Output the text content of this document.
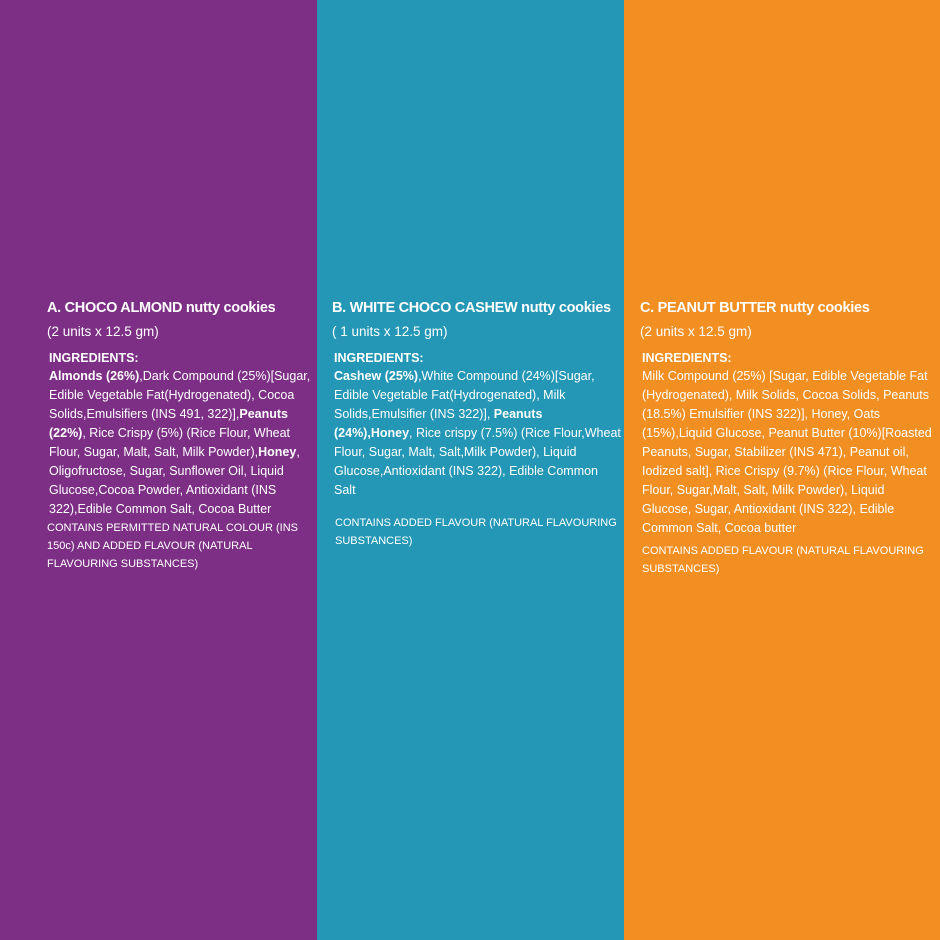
A. CHOCO ALMOND nutty cookies
(2 units x 12.5 gm)
INGREDIENTS:
Almonds (26%),Dark Compound (25%)[Sugar, Edible Vegetable Fat(Hydrogenated), Cocoa Solids,Emulsifiers (INS 491, 322)],Peanuts (22%), Rice Crispy (5%) (Rice Flour, Wheat Flour, Sugar, Malt, Salt, Milk Powder),Honey, Oligofructose, Sugar, Sunflower Oil, Liquid Glucose,Cocoa Powder, Antioxidant (INS 322),Edible Common Salt, Cocoa Butter
CONTAINS PERMITTED NATURAL COLOUR (INS 150c) AND ADDED FLAVOUR (NATURAL FLAVOURING SUBSTANCES)
B. WHITE CHOCO CASHEW nutty cookies
( 1 units x 12.5 gm)
INGREDIENTS:
Cashew (25%),White Compound (24%)[Sugar, Edible Vegetable Fat(Hydrogenated), Milk Solids,Emulsifier (INS 322)], Peanuts (24%),Honey, Rice crispy (7.5%) (Rice Flour,Wheat Flour, Sugar, Malt, Salt,Milk Powder), Liquid Glucose,Antioxidant (INS 322), Edible Common Salt
CONTAINS ADDED FLAVOUR (NATURAL FLAVOURING SUBSTANCES)
C. PEANUT BUTTER nutty cookies
(2 units x 12.5 gm)
INGREDIENTS:
Milk Compound (25%) [Sugar, Edible Vegetable Fat (Hydrogenated), Milk Solids, Cocoa Solids, Peanuts (18.5%) Emulsifier (INS 322)], Honey, Oats (15%),Liquid Glucose, Peanut Butter (10%)[Roasted Peanuts, Sugar, Stabilizer (INS 471), Peanut oil, Iodized salt], Rice Crispy (9.7%) (Rice Flour, Wheat Flour, Sugar,Malt, Salt, Milk Powder), Liquid Glucose, Sugar, Antioxidant (INS 322), Edible Common Salt, Cocoa butter
CONTAINS ADDED FLAVOUR (NATURAL FLAVOURING SUBSTANCES)
